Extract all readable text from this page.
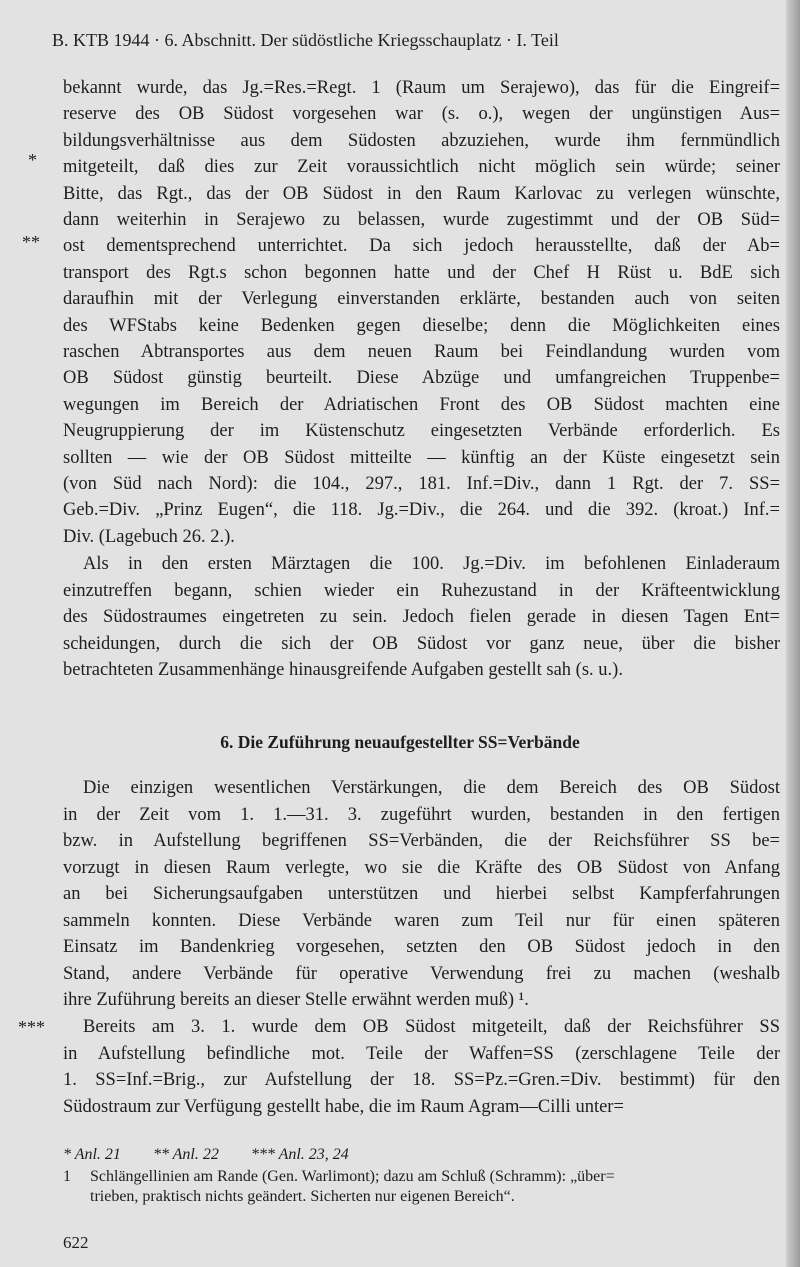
B. KTB 1944 · 6. Abschnitt. Der südöstliche Kriegsschauplatz · I. Teil
bekannt wurde, das Jg.=Res.=Regt. 1 (Raum um Serajewo), das für die Eingreif=
reserve des OB Südost vorgesehen war (s. o.), wegen der ungünstigen Aus=
bildungsverhältnisse aus dem Südosten abzuziehen, wurde ihm fernmündlich
mitgeteilt, daß dies zur Zeit voraussichtlich nicht möglich sein würde; seiner
Bitte, das Rgt., das der OB Südost in den Raum Karlovac zu verlegen wünschte,
dann weiterhin in Serajewo zu belassen, wurde zugestimmt und der OB Süd=
ost dementsprechend unterrichtet. Da sich jedoch herausstellte, daß der Ab=
transport des Rgt.s schon begonnen hatte und der Chef H Rüst u. BdE sich
daraufhin mit der Verlegung einverstanden erklärte, bestanden auch von seiten
des WFStabs keine Bedenken gegen dieselbe; denn die Möglichkeiten eines
raschen Abtransportes aus dem neuen Raum bei Feindlandung wurden vom
OB Südost günstig beurteilt. Diese Abzüge und umfangreichen Truppenbe=
wegungen im Bereich der Adriatischen Front des OB Südost machten eine
Neugruppierung der im Küstenschutz eingesetzten Verbände erforderlich. Es
sollten — wie der OB Südost mitteilte — künftig an der Küste eingesetzt sein
(von Süd nach Nord): die 104., 297., 181. Inf.=Div., dann 1 Rgt. der 7. SS=
Geb.=Div. „Prinz Eugen“, die 118. Jg.=Div., die 264. und die 392. (kroat.) Inf.=
Div. (Lagebuch 26. 2.).
Als in den ersten Märztagen die 100. Jg.=Div. im befohlenen Einladeraum
einzutreffen begann, schien wieder ein Ruhezustand in der Kräfteentwicklung
des Südostraumes eingetreten zu sein. Jedoch fielen gerade in diesen Tagen Ent=
scheidungen, durch die sich der OB Südost vor ganz neue, über die bisher
betrachteten Zusammenhänge hinausgreifende Aufgaben gestellt sah (s. u.).
*
**
***
6. Die Zuführung neuaufgestellter SS=Verbände
Die einzigen wesentlichen Verstärkungen, die dem Bereich des OB Südost
in der Zeit vom 1. 1.—31. 3. zugeführt wurden, bestanden in den fertigen
bzw. in Aufstellung begriffenen SS=Verbänden, die der Reichsführer SS be=
vorzugt in diesen Raum verlegte, wo sie die Kräfte des OB Südost von Anfang
an bei Sicherungsaufgaben unterstützen und hierbei selbst Kampferfahrungen
sammeln konnten. Diese Verbände waren zum Teil nur für einen späteren
Einsatz im Bandenkrieg vorgesehen, setzten den OB Südost jedoch in den
Stand, andere Verbände für operative Verwendung frei zu machen (weshalb
ihre Zuführung bereits an dieser Stelle erwähnt werden muß) ¹.
Bereits am 3. 1. wurde dem OB Südost mitgeteilt, daß der Reichsführer SS
in Aufstellung befindliche mot. Teile der Waffen=SS (zerschlagene Teile der
1. SS=Inf.=Brig., zur Aufstellung der 18. SS=Pz.=Gren.=Div. bestimmt) für den
Südostraum zur Verfügung gestellt habe, die im Raum Agram—Cilli unter=
* Anl. 21 ** Anl. 22 *** Anl. 23, 24
1 Schlängellinien am Rande (Gen. Warlimont); dazu am Schluß (Schramm): „über=
trieben, praktisch nichts geändert. Sicherten nur eigenen Bereich“.
622
